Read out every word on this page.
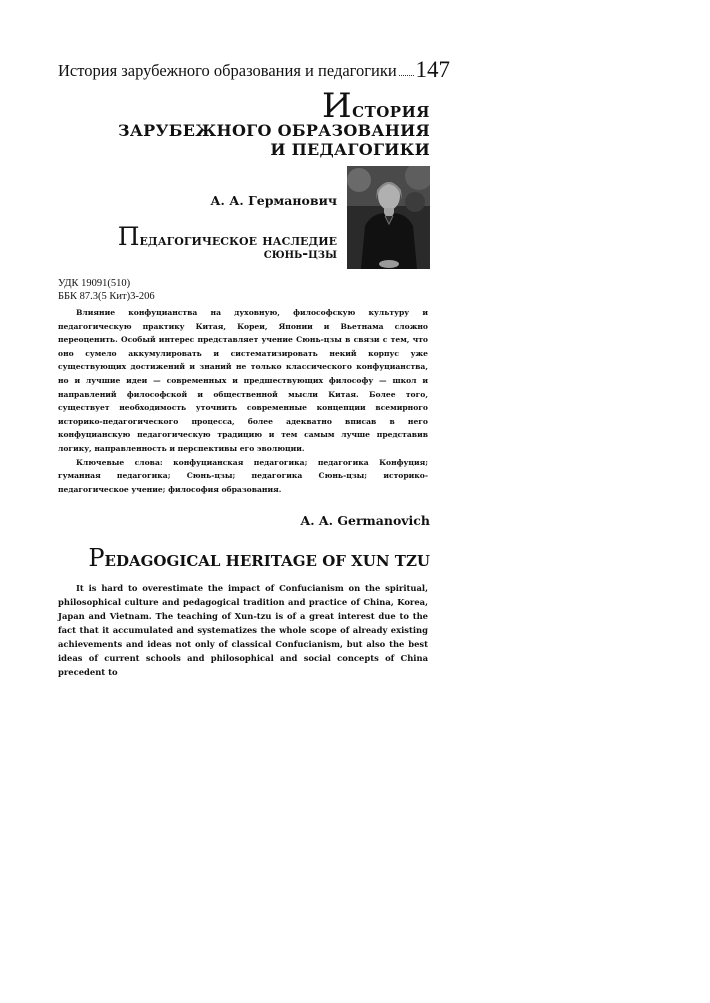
История зарубежного образования и педагогики 147
История
ЗАРУБЕЖНОГО ОБРАЗОВАНИЯ
И ПЕДАГОГИКИ
А. А. Германович
Педагогическое наследие
сюнь-цзы
УДК 19091(510)
ББК 87.3(5 Кит)3-206

Влияние конфуцианства на духовную, философскую культуру и педагогическую практику Китая, Кореи, Японии и Вьетнама сложно переоценить. Особый интерес представляет учение Сюнь-цзы в связи с тем, что оно сумело аккумулировать и систематизировать некий корпус уже существующих достижений и знаний не только классического конфуцианства, но и лучшие идеи — современных и предшествующих философу — школ и направлений философской и общественной мысли Китая. Более того, существует необходимость уточнить современные концепции всемирного историко-педагогического процесса, более адекватно вписав в него конфуцианскую педагогическую традицию и тем самым лучше представив логику, направленность и перспективы его эволюции.

Ключевые слова: конфуцианская педагогика; педагогика Конфуция; гуманная педагогика; Сюнь-цзы; педагогика Сюнь-цзы; историко-педагогическое учение; философия образования.

A. A. Germanovich
PEDAGOGICAL HERITAGE OF XUN TZU

It is hard to overestimate the impact of Confucianism on the spiritual, philosophical culture and pedagogical tradition and practice of China, Korea, Japan and Vietnam. The teaching of Xun-tzu is of a great interest due to the fact that it accumulated and systematizes the whole scope of already existing achievements and ideas not only of classical Confucianism, but also the best ideas of current schools and philosophical and social concepts of China precedent to
